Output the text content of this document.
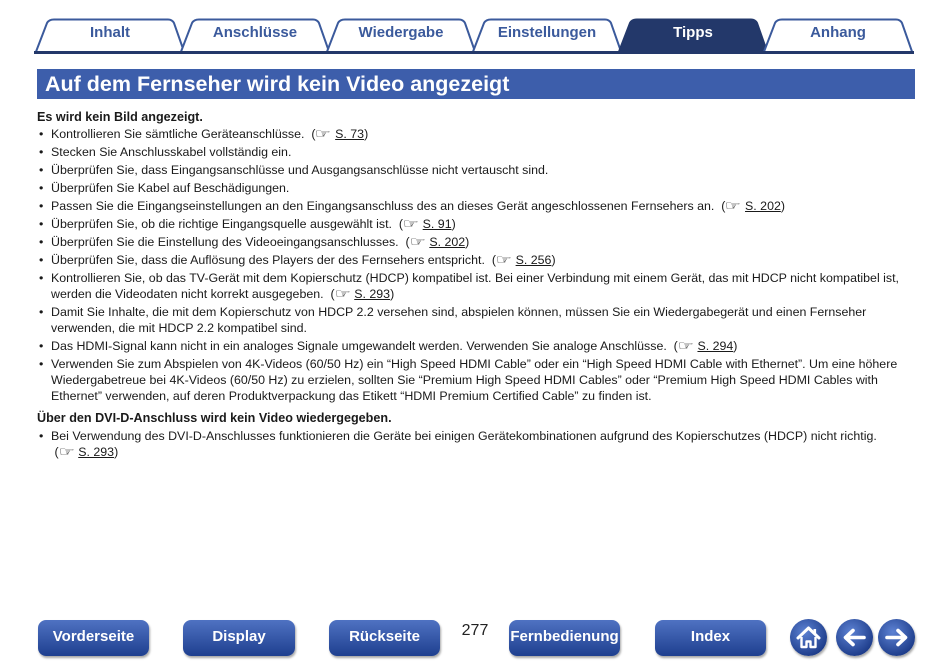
Inhalt	Anschlüsse	Wiedergabe	Einstellungen	Tipps	Anhang
Auf dem Fernseher wird kein Video angezeigt
Es wird kein Bild angezeigt.
• Kontrollieren Sie sämtliche Geräteanschlüsse.  (☞ S. 73)
• Stecken Sie Anschlusskabel vollständig ein.
• Überprüfen Sie, dass Eingangsanschlüsse und Ausgangsanschlüsse nicht vertauscht sind.
• Überprüfen Sie Kabel auf Beschädigungen.
• Passen Sie die Eingangseinstellungen an den Eingangsanschluss des an dieses Gerät angeschlossenen Fernsehers an.  (☞ S. 202)
• Überprüfen Sie, ob die richtige Eingangsquelle ausgewählt ist.  (☞ S. 91)
• Überprüfen Sie die Einstellung des Videoeingangsanschlusses.  (☞ S. 202)
• Überprüfen Sie, dass die Auflösung des Players der des Fernsehers entspricht.  (☞ S. 256)
• Kontrollieren Sie, ob das TV-Gerät mit dem Kopierschutz (HDCP) kompatibel ist. Bei einer Verbindung mit einem Gerät, das mit HDCP nicht kompatibel ist, werden die Videodaten nicht korrekt ausgegeben.  (☞ S. 293)
• Damit Sie Inhalte, die mit dem Kopierschutz von HDCP 2.2 versehen sind, abspielen können, müssen Sie ein Wiedergabegerät und einen Fernseher verwenden, die mit HDCP 2.2 kompatibel sind.
• Das HDMI-Signal kann nicht in ein analoges Signale umgewandelt werden. Verwenden Sie analoge Anschlüsse.  (☞ S. 294)
• Verwenden Sie zum Abspielen von 4K-Videos (60/50 Hz) ein “High Speed HDMI Cable” oder ein “High Speed HDMI Cable with Ethernet”. Um eine höhere Wiedergabetreue bei 4K-Videos (60/50 Hz) zu erzielen, sollten Sie “Premium High Speed HDMI Cables” oder “Premium High Speed HDMI Cables with Ethernet” verwenden, auf deren Produktverpackung das Etikett “HDMI Premium Certified Cable” zu finden ist.
Über den DVI-D-Anschluss wird kein Video wiedergegeben.
• Bei Verwendung des DVI-D-Anschlusses funktionieren die Geräte bei einigen Gerätekombinationen aufgrund des Kopierschutzes (HDCP) nicht richtig.  (☞ S. 293)
Vorderseite	Display	Rückseite	277	Fernbedienung	Index
